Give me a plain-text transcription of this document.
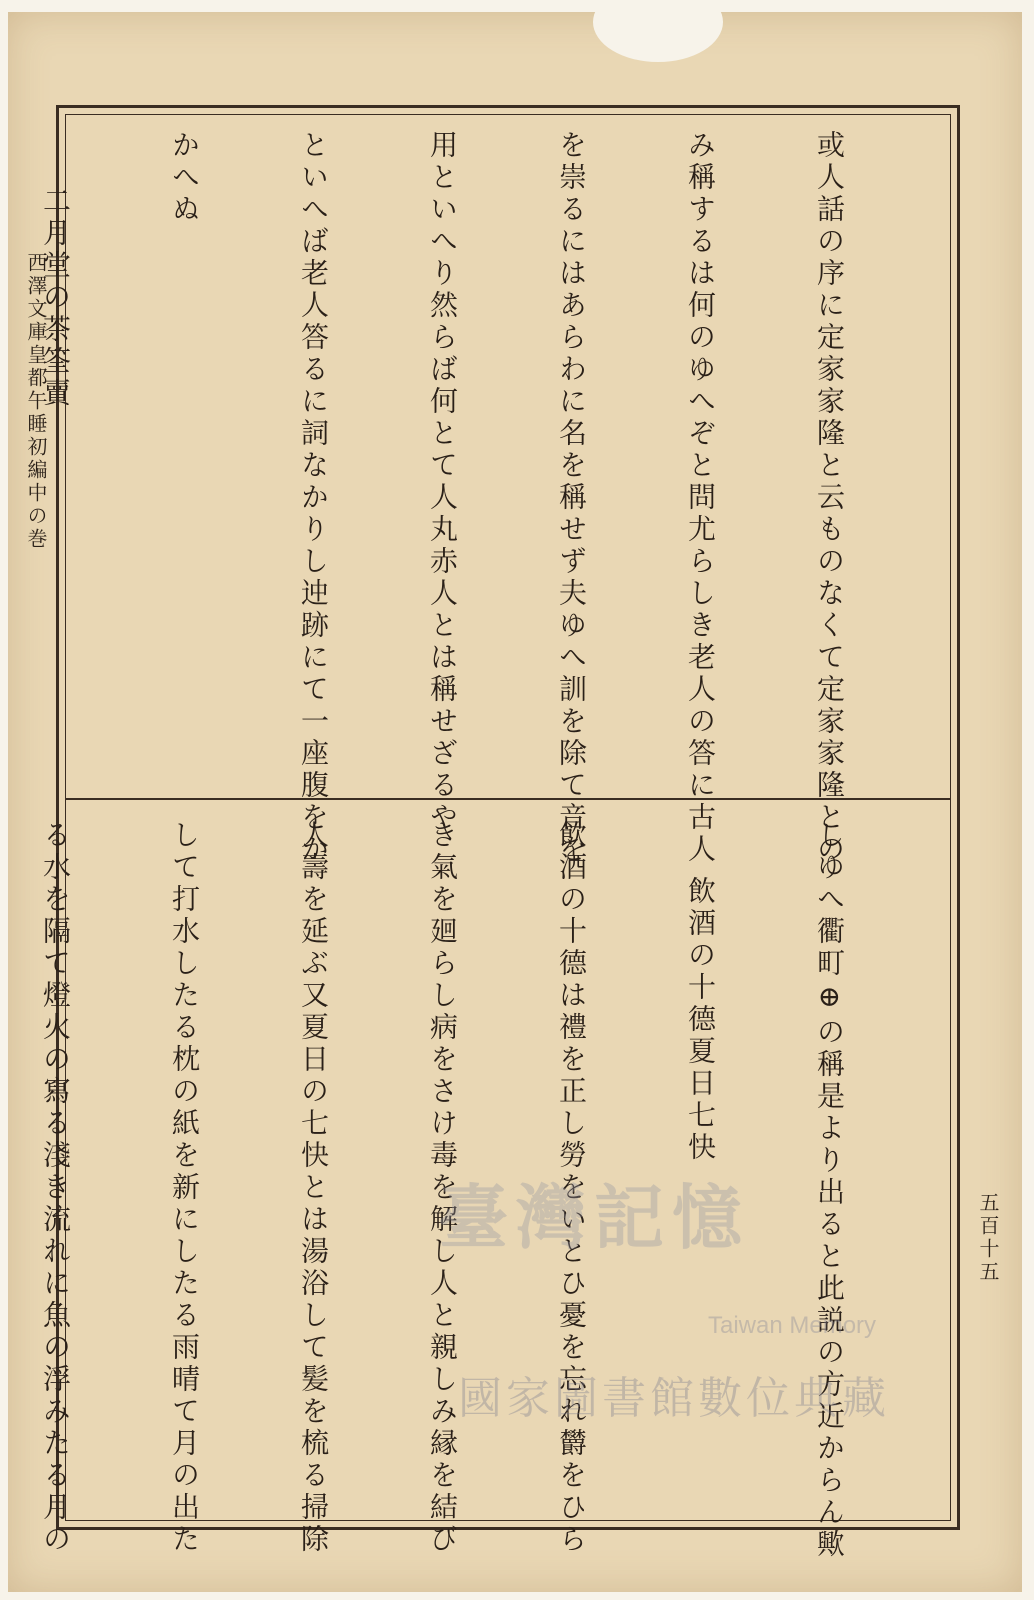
西澤文庫皇都午睡初編中の巻
五百十五

或人話の序に定家家隆と云ものなくて定家家隆との

み稱するは何のゆへぞと問尤らしき老人の答に古人

を崇るにはあらわに名を稱せず夫ゆへ訓を除て音を

用といへり然らば何とて人丸赤人とは稱せざるや

といへば老人答るに詞なかりし迚跡にて一座腹をか

かへぬ

二月堂の茶筌賣

しゆへ衢町⊕の稱是より出ると此説の方近からん歟

飲酒の十德夏日七快

飲酒の十德は禮を正し勞をいとひ憂を忘れ欝をひら

き氣を廻らし病をさけ毒を解し人と親しみ縁を結び

人壽を延ぶ又夏日の七快とは湯浴して髪を梳る掃除

して打水したる枕の紙を新にしたる雨晴て月の出た

る水を隔て燈火の寫る淺き流れに魚の浮みたる月の

	臺灣記憶
Taiwan Memory
國家圖書館數位典藏
